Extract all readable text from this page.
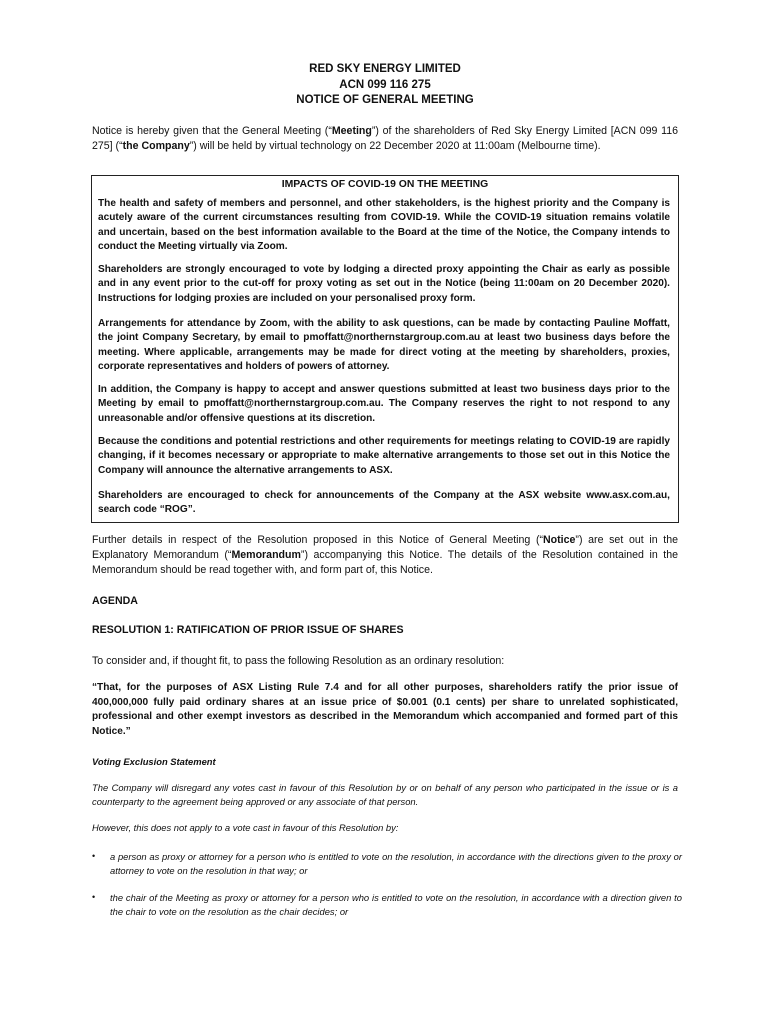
RED SKY ENERGY LIMITED
ACN 099 116 275
NOTICE OF GENERAL MEETING

Notice is hereby given that the General Meeting (“Meeting”) of the shareholders of Red Sky Energy Limited [ACN 099 116 275] (“the Company”) will be held by virtual technology on 22 December 2020 at 11:00am (Melbourne time).

IMPACTS OF COVID-19 ON THE MEETING

The health and safety of members and personnel, and other stakeholders, is the highest priority and the Company is acutely aware of the current circumstances resulting from COVID-19. While the COVID-19 situation remains volatile and uncertain, based on the best information available to the Board at the time of the Notice, the Company intends to conduct the Meeting virtually via Zoom.

Shareholders are strongly encouraged to vote by lodging a directed proxy appointing the Chair as early as possible and in any event prior to the cut-off for proxy voting as set out in the Notice (being 11:00am on 20 December 2020). Instructions for lodging proxies are included on your personalised proxy form.

Arrangements for attendance by Zoom, with the ability to ask questions, can be made by contacting Pauline Moffatt, the joint Company Secretary, by email to pmoffatt@northernstargroup.com.au at least two business days before the meeting. Where applicable, arrangements may be made for direct voting at the meeting by shareholders, proxies, corporate representatives and holders of powers of attorney.

In addition, the Company is happy to accept and answer questions submitted at least two business days prior to the Meeting by email to pmoffatt@northernstargroup.com.au. The Company reserves the right to not respond to any unreasonable and/or offensive questions at its discretion.

Because the conditions and potential restrictions and other requirements for meetings relating to COVID-19 are rapidly changing, if it becomes necessary or appropriate to make alternative arrangements to those set out in this Notice the Company will announce the alternative arrangements to ASX.

Shareholders are encouraged to check for announcements of the Company at the ASX website www.asx.com.au, search code “ROG”.

Further details in respect of the Resolution proposed in this Notice of General Meeting (“Notice”) are set out in the Explanatory Memorandum (“Memorandum”) accompanying this Notice. The details of the Resolution contained in the Memorandum should be read together with, and form part of, this Notice.

AGENDA

RESOLUTION 1: RATIFICATION OF PRIOR ISSUE OF SHARES

To consider and, if thought fit, to pass the following Resolution as an ordinary resolution:

“That, for the purposes of ASX Listing Rule 7.4 and for all other purposes, shareholders ratify the prior issue of 400,000,000 fully paid ordinary shares at an issue price of $0.001 (0.1 cents) per share to unrelated sophisticated, professional and other exempt investors as described in the Memorandum which accompanied and formed part of this Notice.”

Voting Exclusion Statement

The Company will disregard any votes cast in favour of this Resolution by or on behalf of any person who participated in the issue or is a counterparty to the agreement being approved or any associate of that person.

However, this does not apply to a vote cast in favour of this Resolution by:

• a person as proxy or attorney for a person who is entitled to vote on the resolution, in accordance with the directions given to the proxy or attorney to vote on the resolution in that way; or
• the chair of the Meeting as proxy or attorney for a person who is entitled to vote on the resolution, in accordance with a direction given to the chair to vote on the resolution as the chair decides; or
